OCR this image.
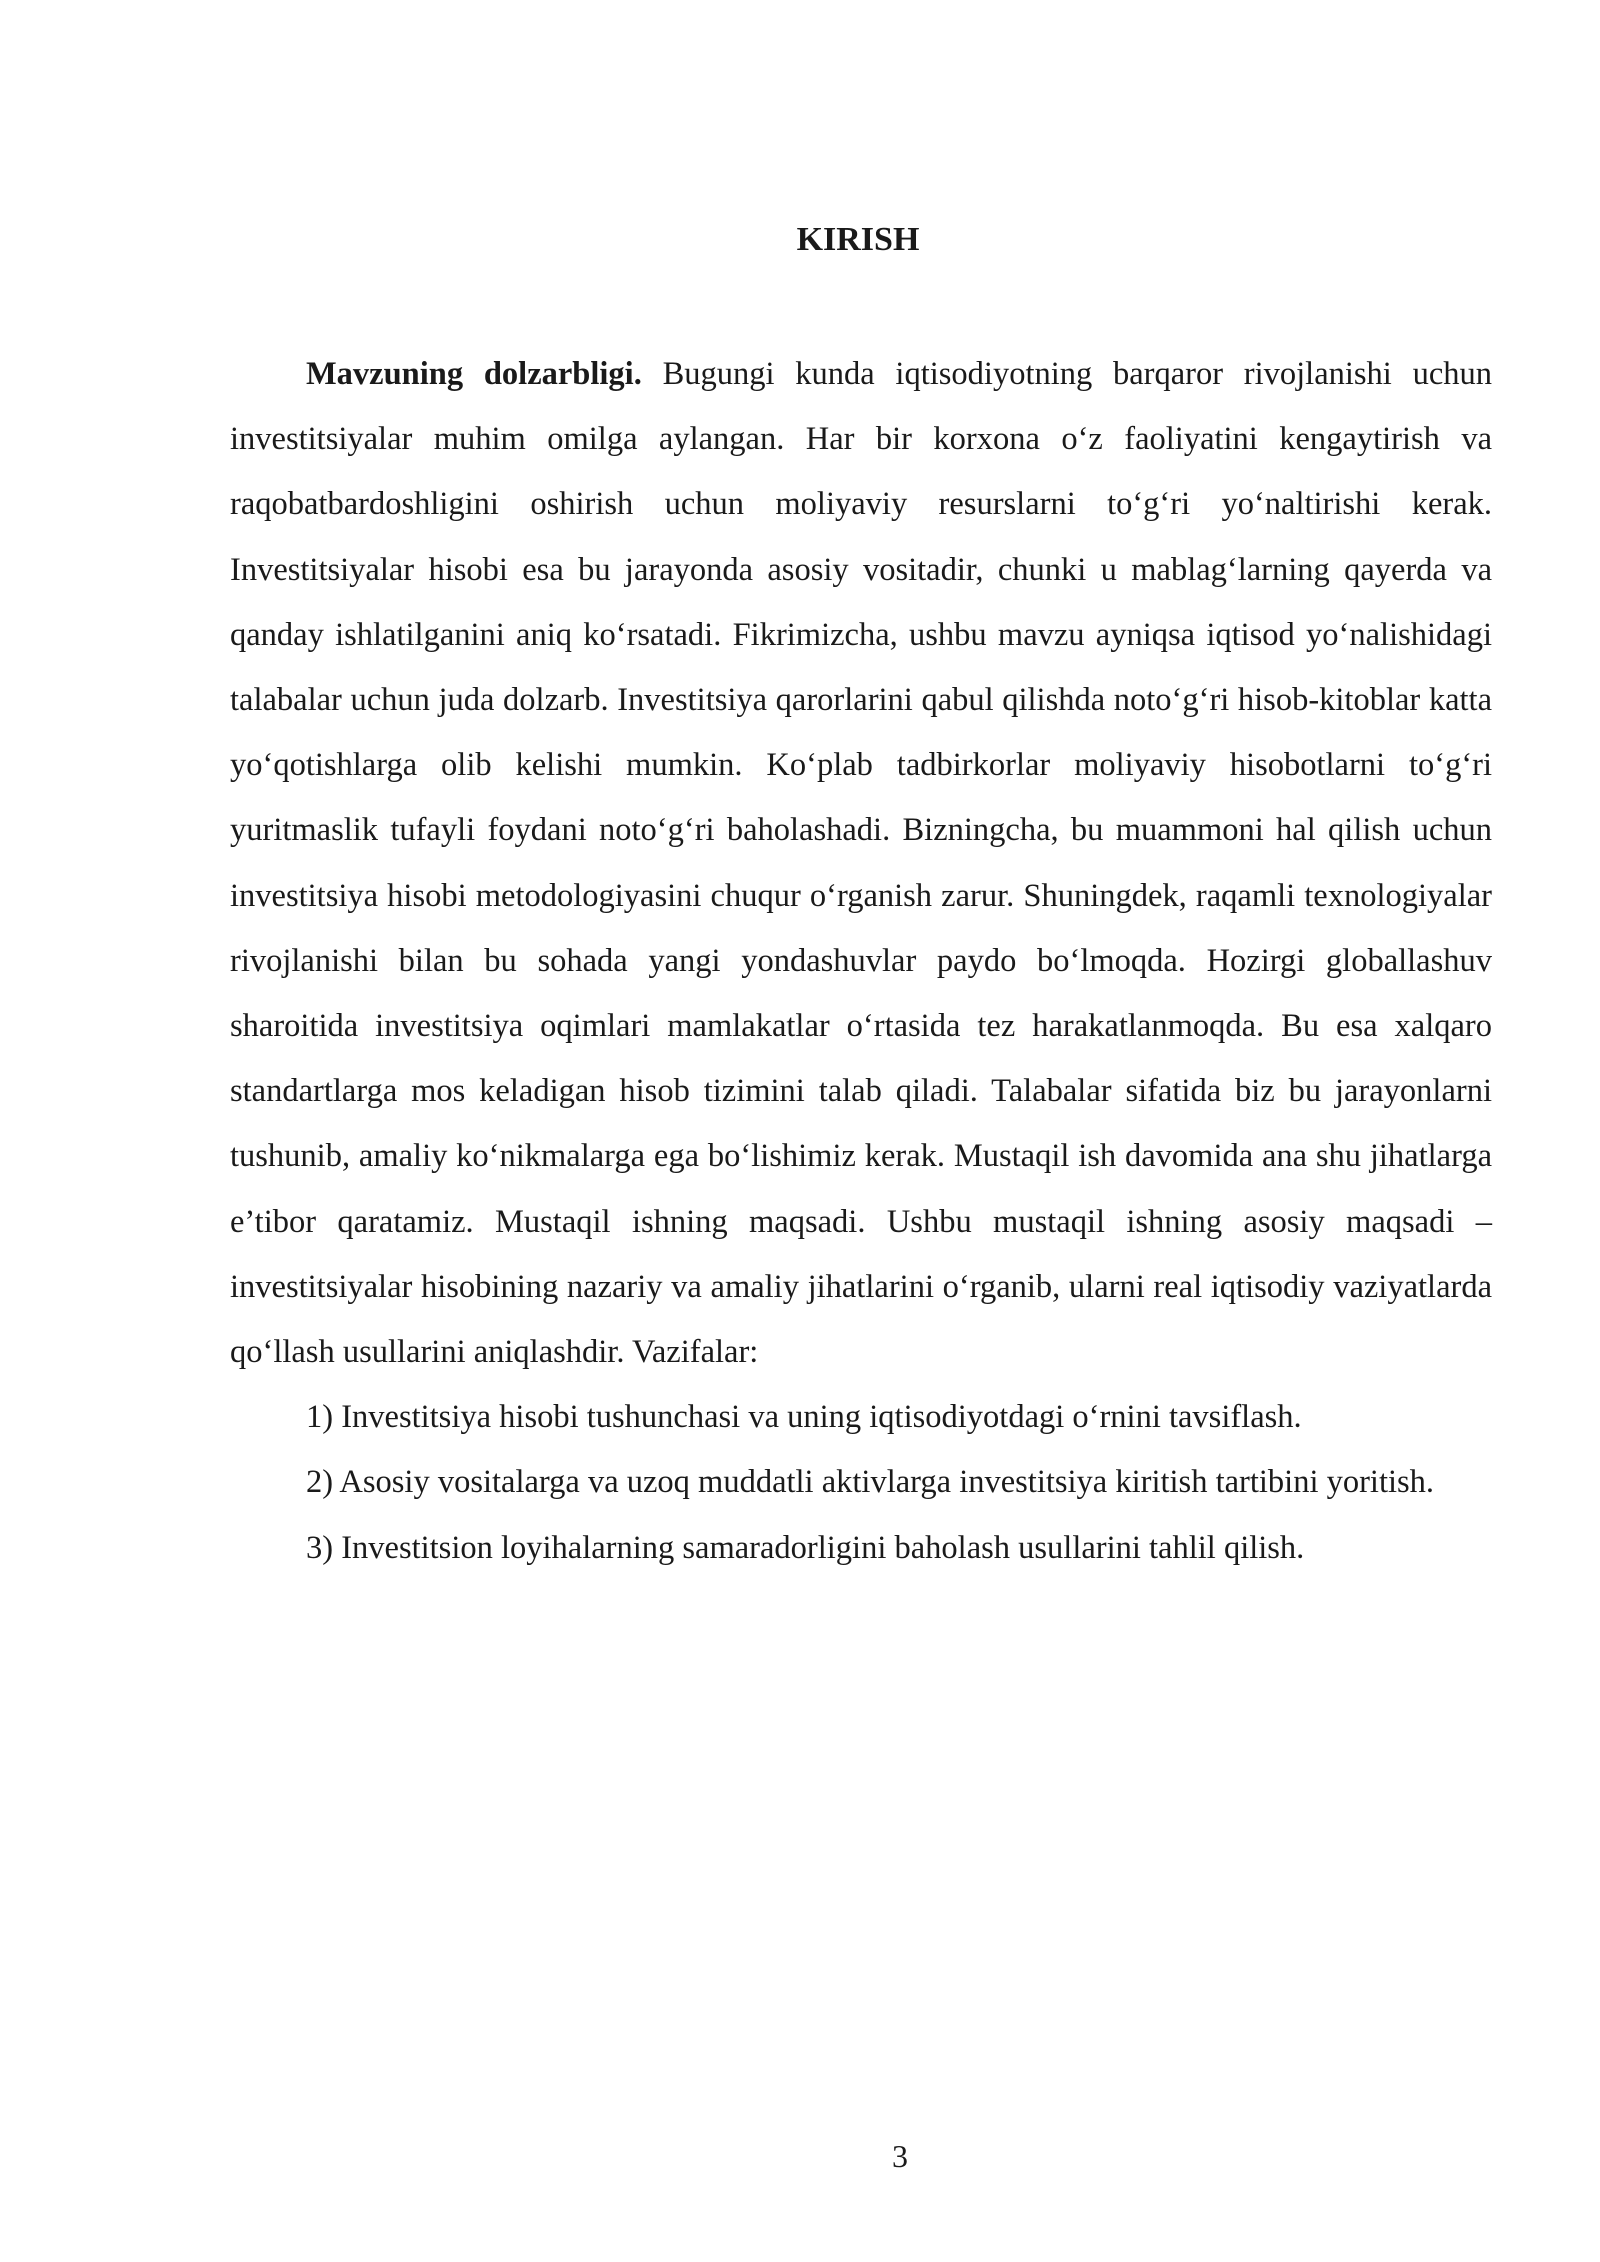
KIRISH

Mavzuning dolzarbligi. Bugungi kunda iqtisodiyotning barqaror rivojlanishi uchun investitsiyalar muhim omilga aylangan. Har bir korxona o‘z faoliyatini kengaytirish va raqobatbardoshligini oshirish uchun moliyaviy resurslarni to‘g‘ri yo‘naltirishi kerak. Investitsiyalar hisobi esa bu jarayonda asosiy vositadir, chunki u mablag‘larning qayerda va qanday ishlatilganini aniq ko‘rsatadi. Fikrimizcha, ushbu mavzu ayniqsa iqtisod yo‘nalishidagi talabalar uchun juda dolzarb. Investitsiya qarorlarini qabul qilishda noto‘g‘ri hisob-kitoblar katta yo‘qotishlarga olib kelishi mumkin. Ko‘plab tadbirkorlar moliyaviy hisobotlarni to‘g‘ri yuritmaslik tufayli foydani noto‘g‘ri baholashadi. Bizningcha, bu muammoni hal qilish uchun investitsiya hisobi metodologiyasini chuqur o‘rganish zarur. Shuningdek, raqamli texnologiyalar rivojlanishi bilan bu sohada yangi yondashuvlar paydo bo‘lmoqda. Hozirgi globallashuv sharoitida investitsiya oqimlari mamlakatlar o‘rtasida tez harakatlanmoqda. Bu esa xalqaro standartlarga mos keladigan hisob tizimini talab qiladi. Talabalar sifatida biz bu jarayonlarni tushunib, amaliy ko‘nikmalarga ega bo‘lishimiz kerak. Mustaqil ish davomida ana shu jihatlarga e’tibor qaratamiz. Mustaqil ishning maqsadi. Ushbu mustaqil ishning asosiy maqsadi – investitsiyalar hisobining nazariy va amaliy jihatlarini o‘rganib, ularni real iqtisodiy vaziyatlarda qo‘llash usullarini aniqlashdir. Vazifalar:

1) Investitsiya hisobi tushunchasi va uning iqtisodiyotdagi o‘rnini tavsiflash.

2) Asosiy vositalarga va uzoq muddatli aktivlarga investitsiya kiritish tartibini yoritish.

3) Investitsion loyihalarning samaradorligini baholash usullarini tahlil qilish.

3
